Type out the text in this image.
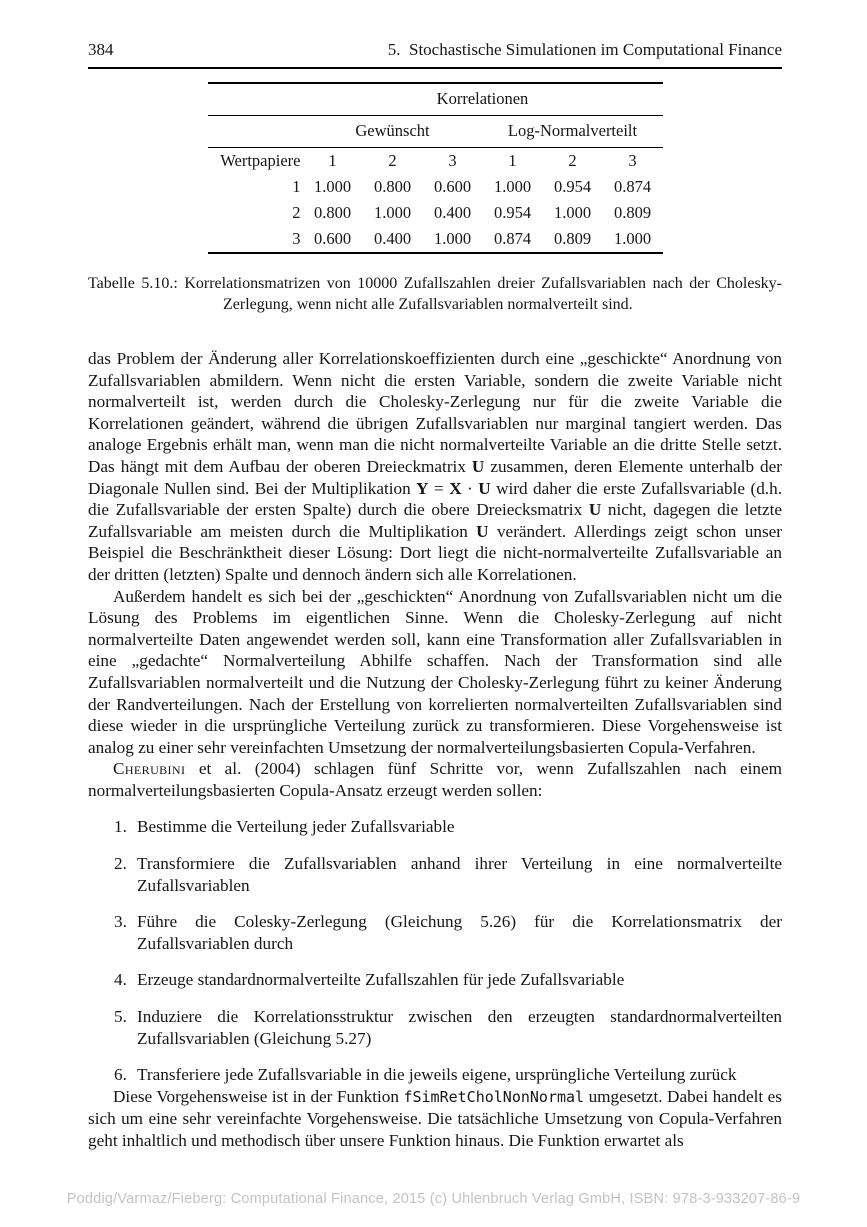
384	5. Stochastische Simulationen im Computational Finance
	Korrelationen					
	Gewünscht			Log-Normalverteilt		
Wertpapiere	1	2	3	1	2	3
1	1.000	0.800	0.600	1.000	0.954	0.874
2	0.800	1.000	0.400	0.954	1.000	0.809
3	0.600	0.400	1.000	0.874	0.809	1.000
Tabelle 5.10.: Korrelationsmatrizen von 10000 Zufallszahlen dreier Zufallsvariablen nach der Cholesky-Zerlegung, wenn nicht alle Zufallsvariablen normalverteilt sind.

das Problem der Änderung aller Korrelationskoeffizienten durch eine „geschickte“ Anordnung von Zufallsvariablen abmildern. Wenn nicht die ersten Variable, sondern die zweite Variable nicht normalverteilt ist, werden durch die Cholesky-Zerlegung nur für die zweite Variable die Korrelationen geändert, während die übrigen Zufallsvariablen nur marginal tangiert werden. Das analoge Ergebnis erhält man, wenn man die nicht normalverteilte Variable an die dritte Stelle setzt. Das hängt mit dem Aufbau der oberen Dreieckmatrix U zusammen, deren Elemente unterhalb der Diagonale Nullen sind. Bei der Multiplikation Y = X · U wird daher die erste Zufallsvariable (d.h. die Zufallsvariable der ersten Spalte) durch die obere Dreiecksmatrix U nicht, dagegen die letzte Zufallsvariable am meisten durch die Multiplikation U verändert. Allerdings zeigt schon unser Beispiel die Beschränktheit dieser Lösung: Dort liegt die nicht-normalverteilte Zufallsvariable an der dritten (letzten) Spalte und dennoch ändern sich alle Korrelationen.

Außerdem handelt es sich bei der „geschickten“ Anordnung von Zufallsvariablen nicht um die Lösung des Problems im eigentlichen Sinne. Wenn die Cholesky-Zerlegung auf nicht normalverteilte Daten angewendet werden soll, kann eine Transformation aller Zufallsvariablen in eine „gedachte“ Normalverteilung Abhilfe schaffen. Nach der Transformation sind alle Zufallsvariablen normalverteilt und die Nutzung der Cholesky-Zerlegung führt zu keiner Änderung der Randverteilungen. Nach der Erstellung von korrelierten normalverteilten Zufallsvariablen sind diese wieder in die ursprüngliche Verteilung zurück zu transformieren. Diese Vorgehensweise ist analog zu einer sehr vereinfachten Umsetzung der normalverteilungsbasierten Copula-Verfahren.

Cherubini et al. (2004) schlagen fünf Schritte vor, wenn Zufallszahlen nach einem normalverteilungsbasierten Copula-Ansatz erzeugt werden sollen:

1. Bestimme die Verteilung jeder Zufallsvariable
2. Transformiere die Zufallsvariablen anhand ihrer Verteilung in eine normalverteilte Zufallsvariablen
3. Führe die Colesky-Zerlegung (Gleichung 5.26) für die Korrelationsmatrix der Zufallsvariablen durch
4. Erzeuge standardnormalverteilte Zufallszahlen für jede Zufallsvariable
5. Induziere die Korrelationsstruktur zwischen den erzeugten standardnormalverteilten Zufallsvariablen (Gleichung 5.27)
6. Transferiere jede Zufallsvariable in die jeweils eigene, ursprüngliche Verteilung zurück

Diese Vorgehensweise ist in der Funktion fSimRetCholNonNormal umgesetzt. Dabei handelt es sich um eine sehr vereinfachte Vorgehensweise. Die tatsächliche Umsetzung von Copula-Verfahren geht inhaltlich und methodisch über unsere Funktion hinaus. Die Funktion erwartet als

Poddig/Varmaz/Fieberg: Computational Finance, 2015 (c) Uhlenbruch Verlag GmbH, ISBN: 978-3-933207-86-9
